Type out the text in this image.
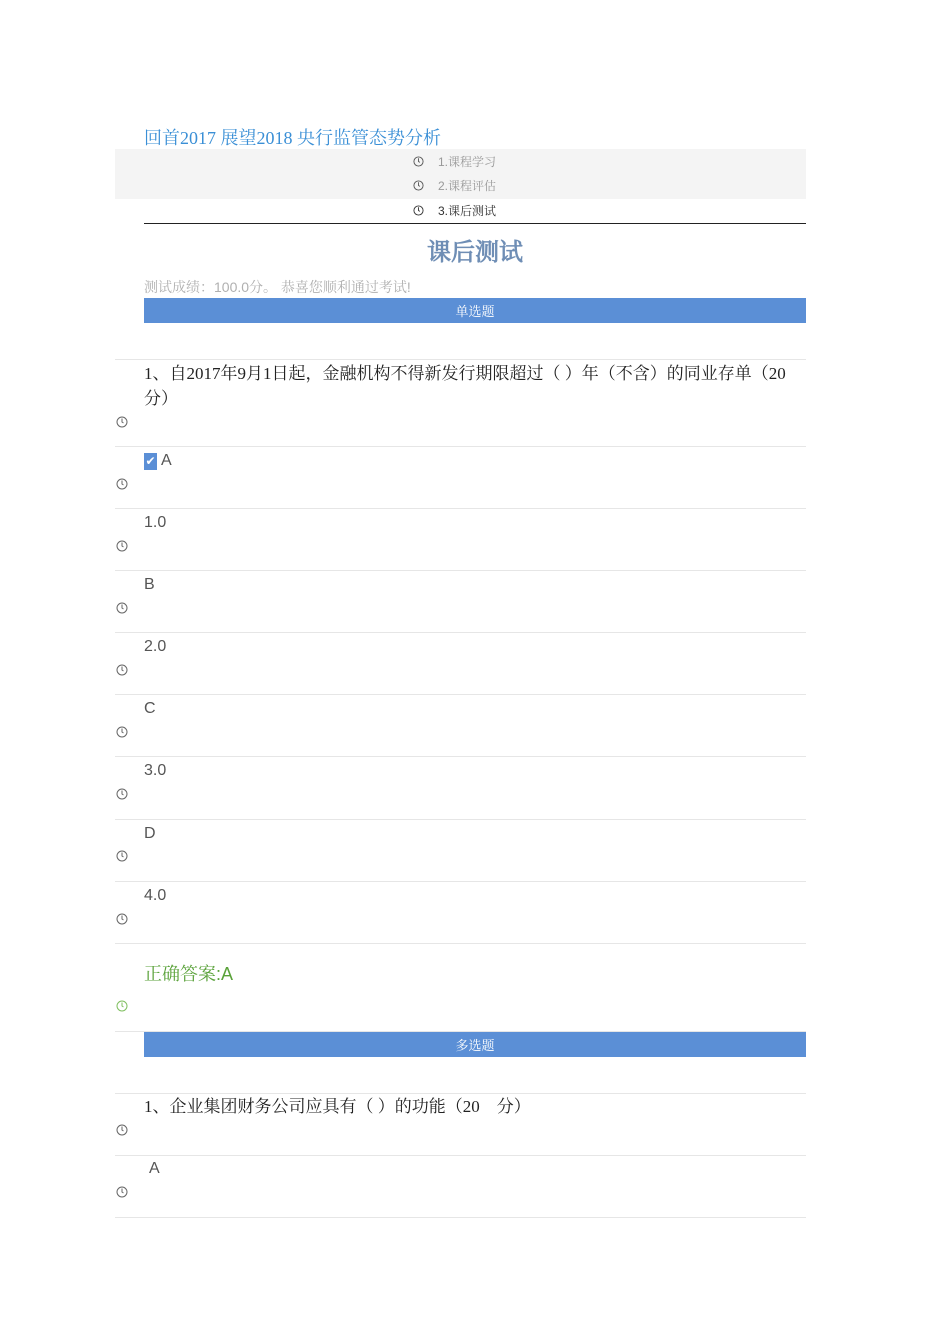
回首2017 展望2018 央行监管态势分析
1.课程学习
2.课程评估
3.课后测试
课后测试
测试成绩：100.0分。 恭喜您顺利通过考试!
单选题
1、自2017年9月1日起，金融机构不得新发行期限超过（ ）年（不含）的同业存单（20　分）
✔ A
1.0
B
2.0
C
3.0
D
4.0
正确答案:A
多选题
1、企业集团财务公司应具有（ ）的功能（20　分）
A
